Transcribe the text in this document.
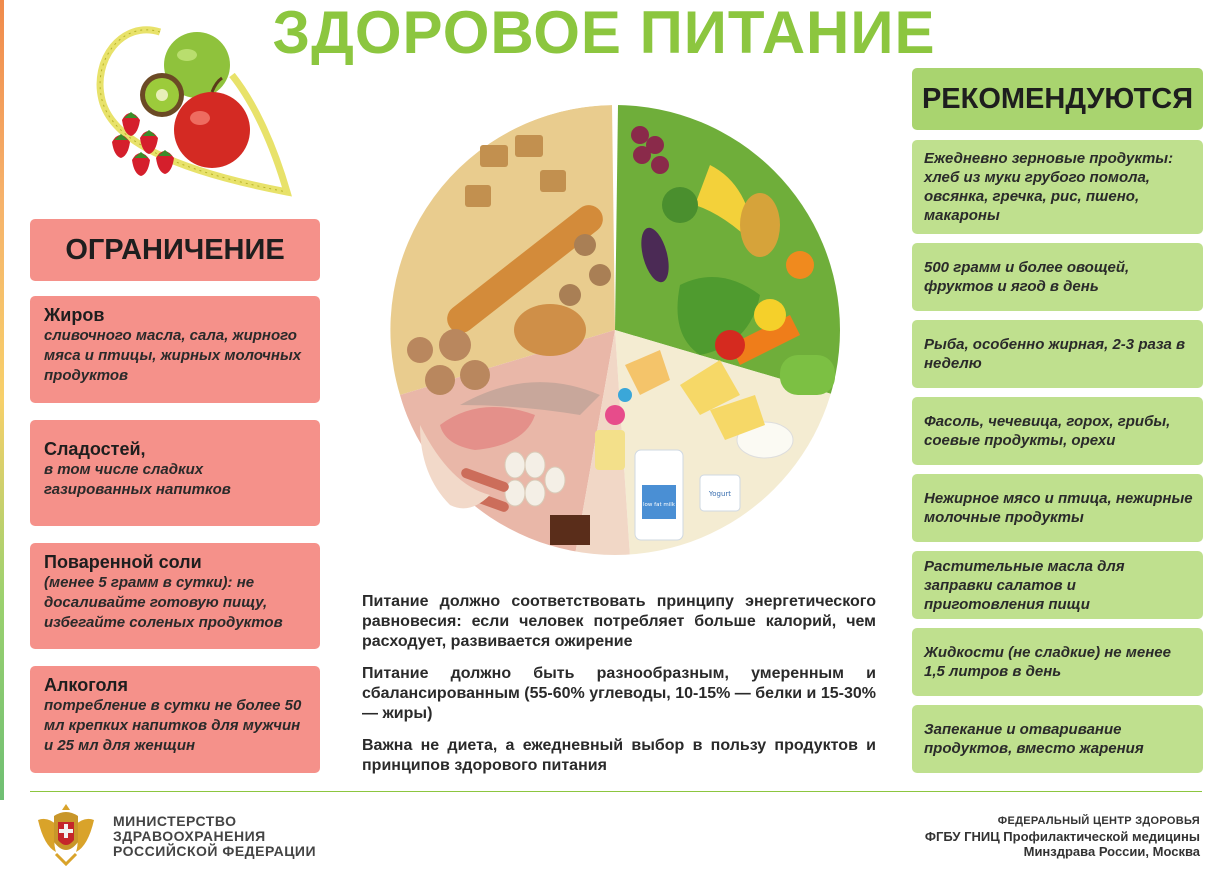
ЗДОРОВОЕ ПИТАНИЕ
ОГРАНИЧЕНИЕ
Жиров
сливочного масла, сала, жирного мяса и птицы, жирных молочных продуктов
Сладостей,
в том числе сладких газированных напитков
Поваренной соли
(менее 5 грамм в сутки): не досаливайте готовую пищу, избегайте соленых продуктов
Алкоголя
потребление в сутки не более 50 мл крепких напитков для мужчин и 25 мл для женщин
РЕКОМЕНДУЮТСЯ
Ежедневно зерновые продукты: хлеб из муки грубого помола, овсянка, гречка, рис, пшено, макароны
500 грамм и более овощей, фруктов и ягод в день
Рыба, особенно жирная, 2-3 раза в неделю
Фасоль, чечевица, горох, грибы, соевые продукты, орехи
Нежирное мясо и птица, нежирные молочные продукты
Растительные масла для заправки салатов и приготовления пищи
Жидкости (не сладкие) не менее 1,5 литров в день
Запекание и отваривание продуктов, вместо жарения
low fat milk
Yogurt

Питание должно соответствовать принципу энергетического равновесия: если человек потребляет больше калорий, чем расходует, развивается ожирение

Питание должно быть разнообразным, умеренным и сбалансированным (55-60% углеводы, 10-15% — белки и 15-30% — жиры)

Важна не диета, а ежедневный выбор в пользу продуктов и принципов здорового питания

МИНИСТЕРСТВО
ЗДРАВООХРАНЕНИЯ
РОССИЙСКОЙ ФЕДЕРАЦИИ
ФЕДЕРАЛЬНЫЙ ЦЕНТР ЗДОРОВЬЯ
ФГБУ ГНИЦ Профилактической медицины
Минздрава России, Москва
